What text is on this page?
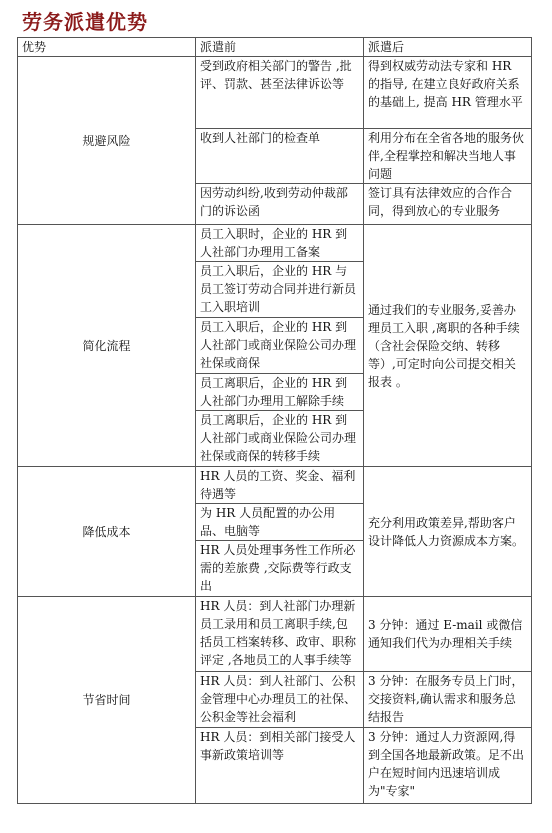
劳务派遣优势
优势	派遣前	派遣后
规避风险	受到政府相关部门的警告 ,批评、罚款、甚至法律诉讼等	得到权威劳动法专家和 HR 的指导, 在建立良好政府关系的基础上, 提高 HR 管理水平
	收到人社部门的检查单	利用分布在全省各地的服务伙伴,全程掌控和解决当地人事问题
	因劳动纠纷,收到劳动仲裁部门的诉讼函	签订具有法律效应的合作合同，得到放心的专业服务
简化流程	员工入职时，企业的 HR 到人社部门办理用工备案	通过我们的专业服务,妥善办理员工入职 ,离职的各种手续（含社会保险交纳、转移等）,可定时向公司提交相关报表 。
	员工入职后，企业的 HR 与员工签订劳动合同并进行新员工入职培训	
	员工入职后，企业的 HR 到人社部门或商业保险公司办理社保或商保	
	员工离职后，企业的 HR 到人社部门办理用工解除手续	
	员工离职后，企业的 HR 到人社部门或商业保险公司办理社保或商保的转移手续	
降低成本	HR 人员的工资、奖金、福利待遇等	充分利用政策差异,帮助客户设计降低人力资源成本方案。
	为 HR 人员配置的办公用品、电脑等	
	HR 人员处理事务性工作所必需的差旅费 ,交际费等行政支出	
节省时间	HR 人员：到人社部门办理新员工录用和员工离职手续,包括员工档案转移、政审、职称评定 ,各地员工的人事手续等	3 分钟：通过 E-mail 或微信通知我们代为办理相关手续
	HR 人员：到人社部门、公积金管理中心办理员工的社保、公积金等社会福利	3 分钟：在服务专员上门时，交接资料,确认需求和服务总结报告
	HR 人员：到相关部门接受人事新政策培训等	3 分钟：通过人力资源网,得到全国各地最新政策。足不出户在短时间内迅速培训成为"专家"
